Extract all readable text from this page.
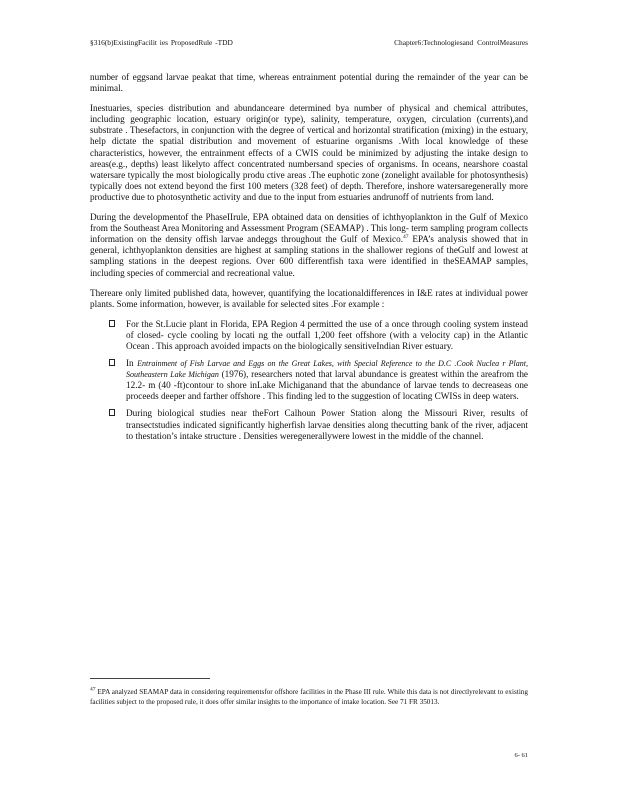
§316(b)ExistingFacilit ies ProposedRule -TDD	Chapter6:Technologiesand ControlMeasures

number of eggsand larvae peakat that time, whereas entrainment potential during the remainder of the year can be minimal.

Inestuaries, species distribution and abundanceare determined bya number of physical and chemical attributes, including geographic location, estuary origin(or type), salinity, temperature, oxygen, circulation (currents),and substrate . Thesefactors, in conjunction with the degree of vertical and horizontal stratification (mixing) in the estuary, help dictate the spatial distribution and movement of estuarine organisms .With local knowledge of these characteristics, however, the entrainment effects of a CWIS could be minimized by adjusting the intake design to areas(e.g., depths) least likelyto affect concentrated numbersand species of organisms. In oceans, nearshore coastal watersare typically the most biologically produ ctive areas .The euphotic zone (zonelight available for photosynthesis) typically does not extend beyond the first 100 meters (328 feet) of depth. Therefore, inshore watersaregenerally more productive due to photosynthetic activity and due to the input from estuaries andrunoff of nutrients from land.

During the developmentof the PhaseIIrule, EPA obtained data on densities of ichthyoplankton in the Gulf of Mexico from the Southeast Area Monitoring and Assessment Program (SEAMAP) . This long- term sampling program collects information on the density offish larvae andeggs throughout the Gulf of Mexico.$^{47}$ EPA’s analysis showed that in general, ichthyoplankton densities are highest at sampling stations in the shallower regions of theGulf and lowest at sampling stations in the deepest regions. Over 600 differentfish taxa were identified in theSEAMAP samples, including species of commercial and recreational value.

Thereare only limited published data, however, quantifying the locationaldifferences in I&E rates at individual power plants. Some information, however, is available for selected sites .For example :

For the St.Lucie plant in Florida, EPA Region 4 permitted the use of a once through cooling system instead of closed- cycle cooling by locati ng the outfall 1,200 feet offshore (with a velocity cap) in the Atlantic Ocean . This approach avoided impacts on the biologically sensitiveIndian River estuary.
In Entrainment of Fish Larvae and Eggs on the Great Lakes, with Special Reference to the D.C .Cook Nuclea r Plant, Southeastern Lake Michigan (1976), researchers noted that larval abundance is greatest within the areafrom the 12.2- m (40 -ft)contour to shore inLake Michiganand that the abundance of larvae tends to decreaseas one proceeds deeper and farther offshore . This finding led to the suggestion of locating CWISs in deep waters.
During biological studies near theFort Calhoun Power Station along the Missouri River, results of transectstudies indicated significantly higherfish larvae densities along thecutting bank of the river, adjacent to thestation’s intake structure . Densities weregenerallywere lowest in the middle of the channel.
$^{47}$ EPA analyzed SEAMAP data in considering requirementsfor offshore facilities in the Phase III rule. While this data is not directlyrelevant to existing facilities subject to the proposed rule, it does offer similar insights to the importance of intake location. See 71 FR 35013.
6- 61
